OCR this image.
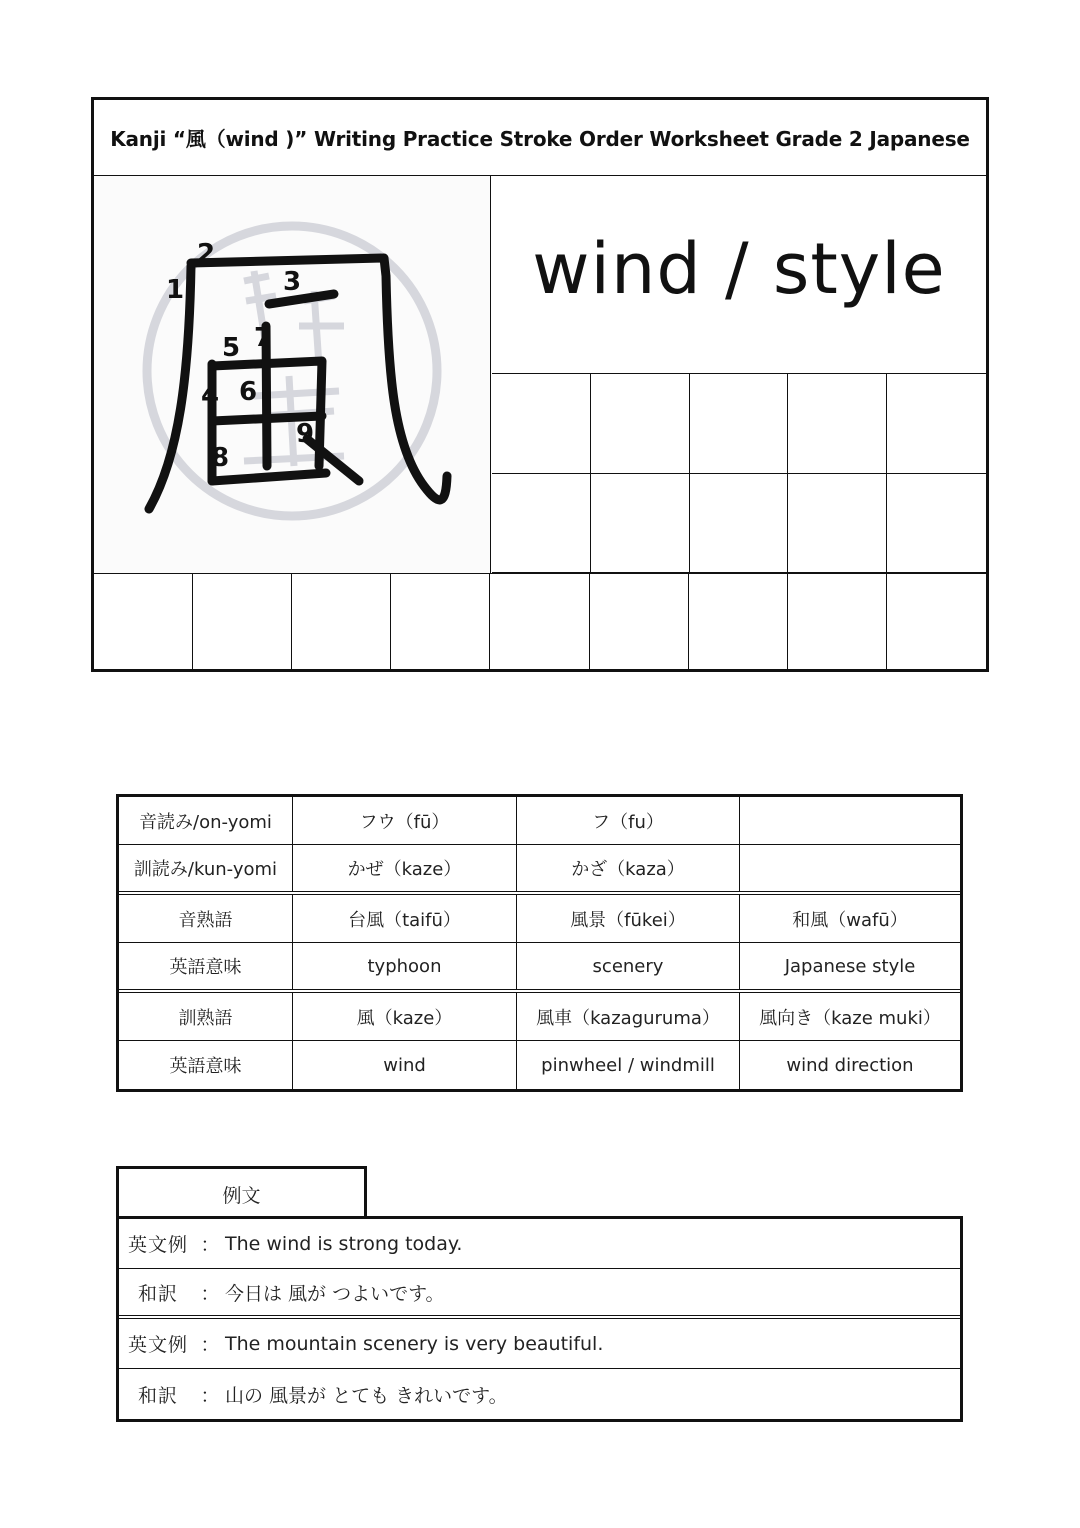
Kanji “風（wind )” Writing Practice Stroke Order Worksheet Grade 2 Japanese
1
2
3
4
5
6
7
8
9
wind / style
音読み/on-yomi	フウ（fū）	フ（fu）
訓読み/kun-yomi	かぜ（kaze）	かざ（kaza）
音熟語	台風（taifū）	風景（fūkei）	和風（wafū）
英語意味	typhoon	scenery	Japanese style
訓熟語	風（kaze）	風車（kazaguruma）	風向き（kaze muki）
英語意味	wind	pinwheel / windmill	wind direction
例文
英文例 ： The wind is strong today.
和訳	： 今日は 風が つよいです。
英文例 ： The mountain scenery is very beautiful.
和訳	： 山の 風景が とても きれいです。
